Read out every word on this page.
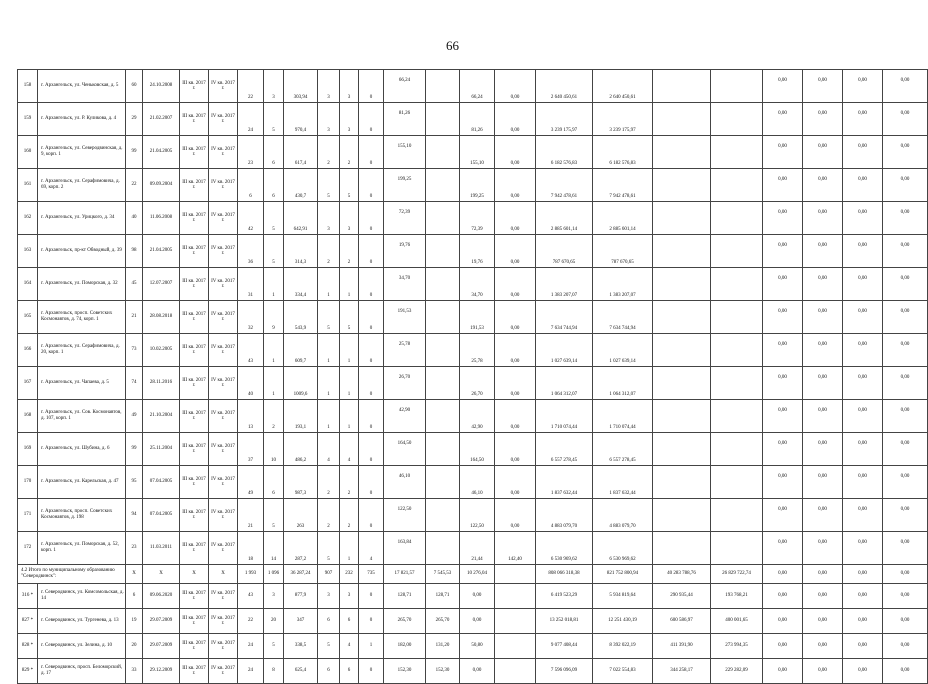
66
158	г. Архангельск, ул. Ченьковская, д. 5	60	24.10.2008	III кв. 2017 г.	IV кв. 2017 г.	22	3	303,94	3	3	0	66,24		66,24	0,00	2 640 450,61	2 640 450,61			0,00	0,00	0,00	0,00
159	г. Архангельск, ул. Р. Куликова, д. 4	29	21.02.2007	III кв. 2017 г.	IV кв. 2017 г.	24	5	970,4	3	3	0	81,26		81,26	0,00	3 239 175,97	3 239 175,97			0,00	0,00	0,00	0,00
160	г. Архангельск, ул. Северодвинская, д. 9, корп. 1	99	21.04.2005	III кв. 2017 г.	IV кв. 2017 г.	23	6	617,4	2	2	0	155,10		155,10	0,00	6 182 576,83	6 182 576,83			0,00	0,00	0,00	0,00
161	г. Архангельск, ул. Серафимовича, д. 69, корп. 2	22	09.09.2004	III кв. 2017 г.	IV кв. 2017 г.	6	6	430,7	5	5	0	199,25		199,25	0,00	7 942 478,61	7 942 478,61			0,00	0,00	0,00	0,00
162	г. Архангельск, ул. Урицкого, д. 34	40	11.06.2008	III кв. 2017 г.	IV кв. 2017 г.	42	5	642,91	3	3	0	72,39		72,39	0,00	2 885 601,14	2 885 601,14			0,00	0,00	0,00	0,00
163	г. Архангельск, пр-кт Обводный, д. 39	98	21.04.2005	III кв. 2017 г.	IV кв. 2017 г.	36	5	314,3	2	2	0	19,76		19,76	0,00	787 670,65	787 670,65			0,00	0,00	0,00	0,00
164	г. Архангельск, ул. Поморская, д. 32	45	12.07.2007	III кв. 2017 г.	IV кв. 2017 г.	31	1	334,4	1	1	0	34,70		34,70	0,00	1 383 207,07	1 383 207,07			0,00	0,00	0,00	0,00
165	г. Архангельск, просп. Советских Космонавтов, д. 74, корп. 1	21	28.08.2018	III кв. 2017 г.	IV кв. 2017 г.	32	9	543,9	5	5	0	191,53		191,53	0,00	7 634 744,94	7 634 744,94			0,00	0,00	0,00	0,00
166	г. Архангельск, ул. Серафимовича, д. 20, корп. 1	73	10.02.2005	III кв. 2017 г.	IV кв. 2017 г.	43	1	609,7	1	1	0	25,78		25,78	0,00	1 027 639,14	1 027 639,14			0,00	0,00	0,00	0,00
167	г. Архангельск, ул. Чапаева, д. 5	74	28.11.2016	III кв. 2017 г.	IV кв. 2017 г.	40	1	1009,6	1	1	0	26,70		26,70	0,00	1 064 312,07	1 064 312,07			0,00	0,00	0,00	0,00
168	г. Архангельск, ул. Сов. Космонавтов, д. 107, корп. 1	49	21.10.2004	III кв. 2017 г.	IV кв. 2017 г.	13	2	193,1	1	1	0	42,90		42,90	0,00	1 710 074,44	1 710 074,44			0,00	0,00	0,00	0,00
169	г. Архангельск, ул. Шубина, д. 6	99	25.11.2004	III кв. 2017 г.	IV кв. 2017 г.	37	10	486,2	4	4	0	164,50		164,50	0,00	6 557 278,45	6 557 278,45			0,00	0,00	0,00	0,00
170	г. Архангельск, ул. Карельская, д. 47	95	07.04.2005	III кв. 2017 г.	IV кв. 2017 г.	49	6	987,3	2	2	0	46,10		46,10	0,00	1 837 632,44	1 837 632,44			0,00	0,00	0,00	0,00
171	г. Архангельск, просп. Советских Космонавтов, д. 198	94	07.04.2005	III кв. 2017 г.	IV кв. 2017 г.	21	5	263	2	2	0	122,50		122,50	0,00	4 883 079,70	4 883 079,70			0,00	0,00	0,00	0,00
172	г. Архангельск, ул. Поморская, д. 52, корп. 1	23	11.03.2011	III кв. 2017 г.	IV кв. 2017 г.	18	14	287,2	5	1	4	163,84		21,44	142,40	6 530 969,62	6 530 969,62			0,00	0,00	0,00	0,00
4.2 Итого по муниципальному образованию "Северодвинск":		X	X	X	X	1 993	1 096	36 287,24	907	232	735	17 821,57	7 545,53	10 276,04		808 066 318,38	821 752 800,94	40 283 788,76	26 829 722,74	0,00	0,00	0,00	0,00
316 *	г. Северодвинск, ул. Комсомольская, д. 14	6	09.06.2020	III кв. 2017 г.	IV кв. 2017 г.	43	3	877,9	3	3	0	128,71	128,71	0,00		6 419 523,29	5 934 819,64	290 935,44	193 768,21	0,00	0,00	0,00	0,00
827 *	г. Северодвинск, ул. Тургенева, д. 13	19	29.07.2009	III кв. 2017 г.	IV кв. 2017 г.	22	20	347	6	6	0	265,70	265,70	0,00		13 252 018,81	12 251 430,19	600 586,97	400 001,65	0,00	0,00	0,00	0,00
828 *	г. Северодвинск, ул. Зелина, д. 10	20	29.07.2009	III кв. 2017 г.	IV кв. 2017 г.	24	5	338,5	5	4	1	182,00	131,20	50,80		9 077 408,44	8 392 022,19	411 391,90	273 994,35	0,00	0,00	0,00	0,00
829 *	г. Северодвинск, просп. Беломорский, д. 17	33	29.12.2009	III кв. 2017 г.	IV кв. 2017 г.	24	8	625,4	6	6	0	152,30	152,30	0,00		7 596 096,09	7 022 554,83	344 258,17	229 282,09	0,00	0,00	0,00	0,00
